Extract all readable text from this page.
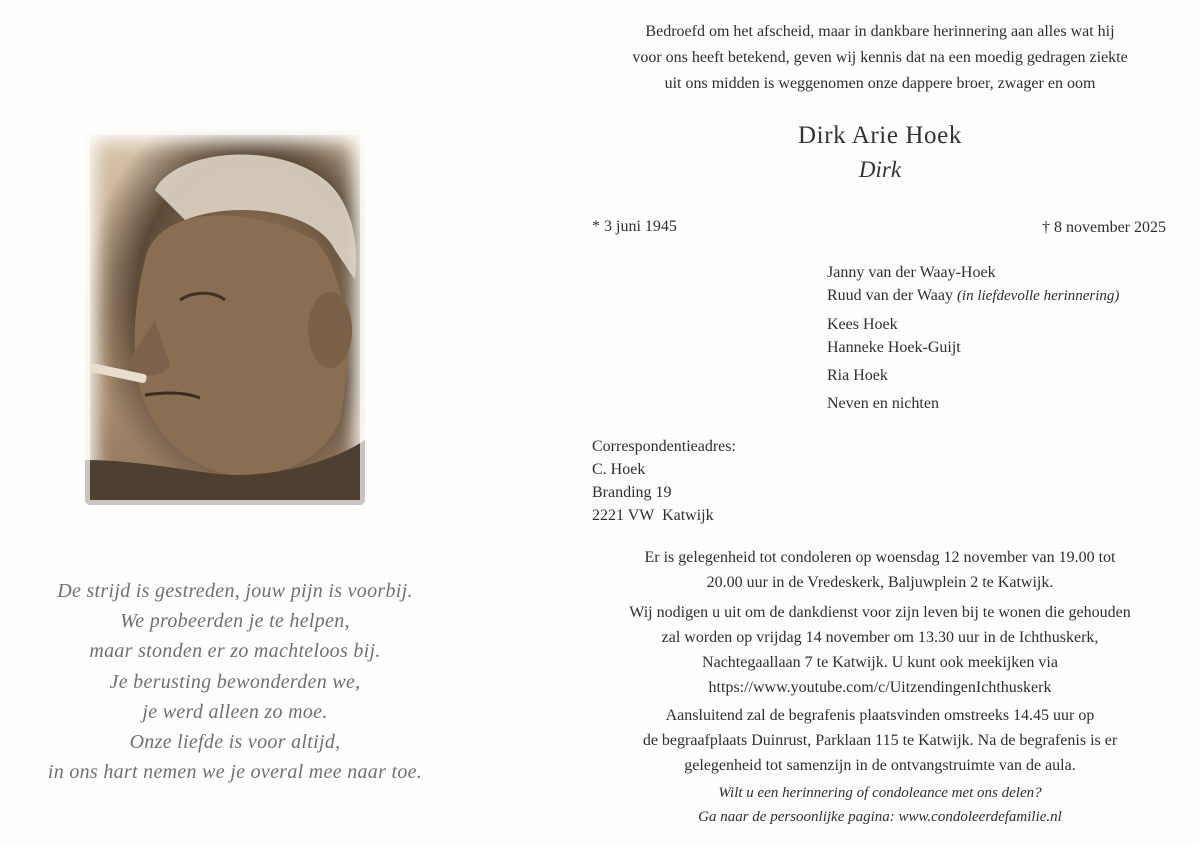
De strijd is gestreden, jouw pijn is voorbij.
We probeerden je te helpen,
maar stonden er zo machteloos bij.
Je berusting bewonderden we,
je werd alleen zo moe.
Onze liefde is voor altijd,
in ons hart nemen we je overal mee naar toe.
Bedroefd om het afscheid, maar in dankbare herinnering aan alles wat hij
voor ons heeft betekend, geven wij kennis dat na een moedig gedragen ziekte
uit ons midden is weggenomen onze dappere broer, zwager en oom
Dirk Arie Hoek
Dirk
* 3 juni 1945	† 8 november 2025
Janny van der Waay-Hoek
Ruud van der Waay (in liefdevolle herinnering)
Kees Hoek
Hanneke Hoek-Guijt
Ria Hoek
Neven en nichten
Correspondentieadres:
C. Hoek
Branding 19
2221 VW  Katwijk
Er is gelegenheid tot condoleren op woensdag 12 november van 19.00 tot
20.00 uur in de Vredeskerk, Baljuwplein 2 te Katwijk.
Wij nodigen u uit om de dankdienst voor zijn leven bij te wonen die gehouden
zal worden op vrijdag 14 november om 13.30 uur in de Ichthuskerk,
Nachtegaallaan 7 te Katwijk. U kunt ook meekijken via
https://www.youtube.com/c/UitzendingenIchthuskerk
Aansluitend zal de begrafenis plaatsvinden omstreeks 14.45 uur op
de begraafplaats Duinrust, Parklaan 115 te Katwijk. Na de begrafenis is er
gelegenheid tot samenzijn in de ontvangstruimte van de aula.
Wilt u een herinnering of condoleance met ons delen?
Ga naar de persoonlijke pagina: www.condoleerdefamilie.nl
